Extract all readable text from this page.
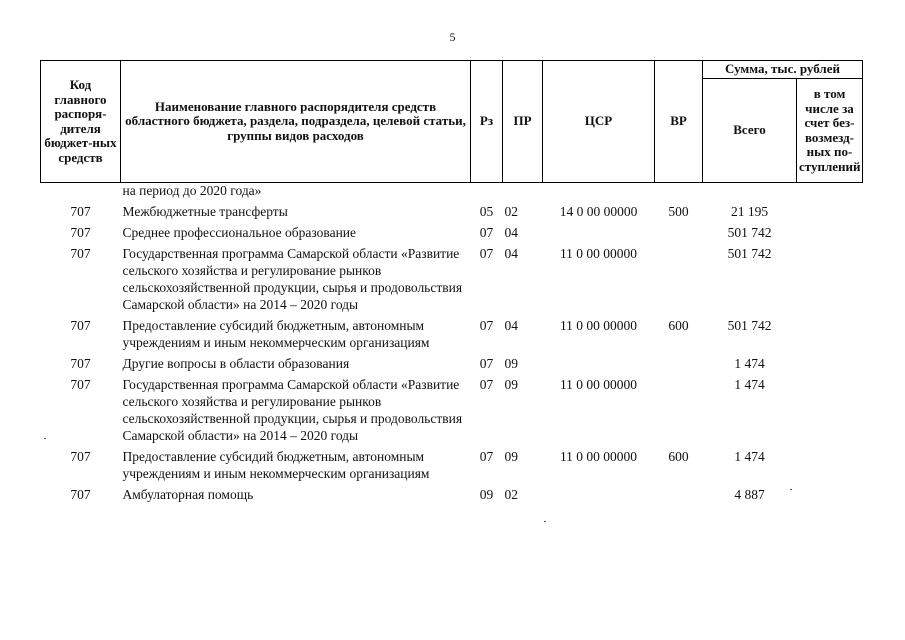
5
Код главного распоря-дителя бюджет-ных средств	Наименование главного распорядителя средств областного бюджета, раздела, подраздела, целевой статьи, группы видов расходов	Рз	ПР	ЦСР	ВР	Сумма, тыс. рублей	
						Всего	в том числе за счет без-возмезд-ных по-ступлений
	на период до 2020 года»						
707	Межбюджетные трансферты	05	02	14 0 00 00000	500	21 195	
707	Среднее профессиональное образование	07	04			501 742	
707	Государственная программа Самарской области «Развитие сельского хозяйства и регулирование рынков сельскохозяйственной продукции, сырья и продовольствия Самарской области» на 2014 – 2020 годы	07	04	11 0 00 00000		501 742	
707	Предоставление субсидий бюджетным, автономным учреждениям и иным некоммерческим организациям	07	04	11 0 00 00000	600	501 742	
707	Другие вопросы в области образования	07	09			1 474	
707	Государственная программа Самарской области «Развитие сельского хозяйства и регулирование рынков сельскохозяйственной продукции, сырья и продовольствия Самарской области» на 2014 – 2020 годы	07	09	11 0 00 00000		1 474	
707	Предоставление субсидий бюджетным, автономным учреждениям и иным некоммерческим организациям	07	09	11 0 00 00000	600	1 474	
707	Амбулаторная помощь	09	02			4 887	
